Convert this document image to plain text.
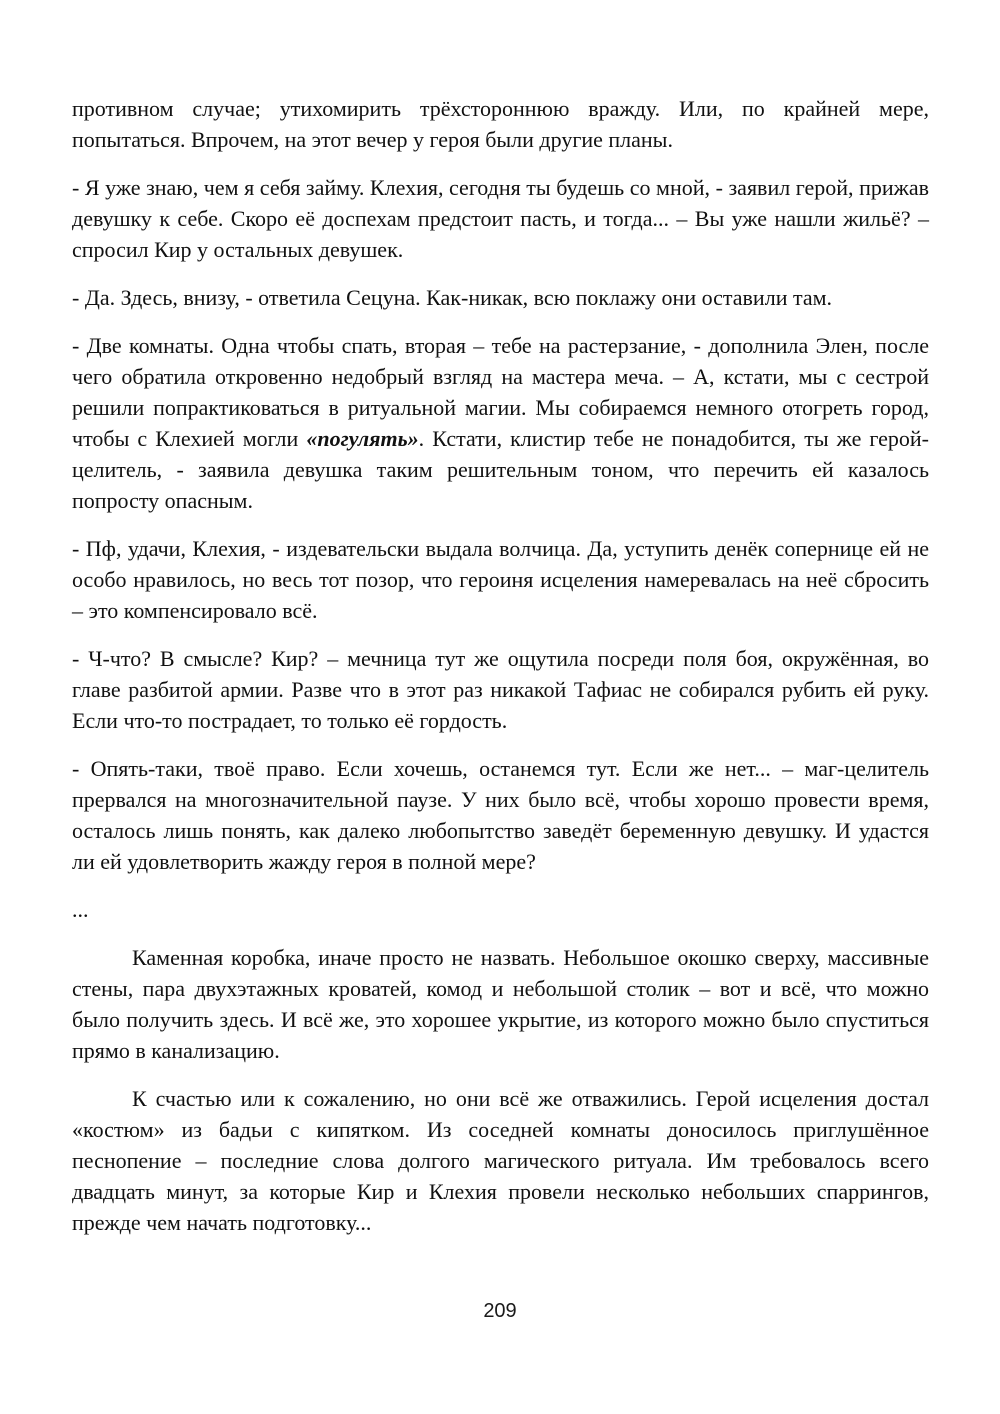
противном случае; утихомирить трёхстороннюю вражду. Или, по крайней мере, попытаться. Впрочем, на этот вечер у героя были другие планы.

- Я уже знаю, чем я себя займу. Клехия, сегодня ты будешь со мной, - заявил герой, прижав девушку к себе. Скоро её доспехам предстоит пасть, и тогда... – Вы уже нашли жильё? – спросил Кир у остальных девушек.

- Да. Здесь, внизу, - ответила Сецуна. Как-никак, всю поклажу они оставили там.

- Две комнаты. Одна чтобы спать, вторая – тебе на растерзание, - дополнила Элен, после чего обратила откровенно недобрый взгляд на мастера меча. – А, кстати, мы с сестрой решили попрактиковаться в ритуальной магии. Мы собираемся немного отогреть город, чтобы с Клехией могли «погулять». Кстати, клистир тебе не понадобится, ты же герой-целитель, - заявила девушка таким решительным тоном, что перечить ей казалось попросту опасным.

- Пф, удачи, Клехия, - издевательски выдала волчица. Да, уступить денёк сопернице ей не особо нравилось, но весь тот позор, что героиня исцеления намеревалась на неё сбросить – это компенсировало всё.

- Ч-что? В смысле? Кир? – мечница тут же ощутила посреди поля боя, окружённая, во главе разбитой армии. Разве что в этот раз никакой Тафиас не собирался рубить ей руку. Если что-то пострадает, то только её гордость.

- Опять-таки, твоё право. Если хочешь, останемся тут. Если же нет... – маг-целитель прервался на многозначительной паузе. У них было всё, чтобы хорошо провести время, осталось лишь понять, как далеко любопытство заведёт беременную девушку. И удастся ли ей удовлетворить жажду героя в полной мере?

...

Каменная коробка, иначе просто не назвать. Небольшое окошко сверху, массивные стены, пара двухэтажных кроватей, комод и небольшой столик – вот и всё, что можно было получить здесь. И всё же, это хорошее укрытие, из которого можно было спуститься прямо в канализацию.

К счастью или к сожалению, но они всё же отважились. Герой исцеления достал «костюм» из бадьи с кипятком. Из соседней комнаты доносилось приглушённое песнопение – последние слова долгого магического ритуала. Им требовалось всего двадцать минут, за которые Кир и Клехия провели несколько небольших спаррингов, прежде чем начать подготовку...

209
